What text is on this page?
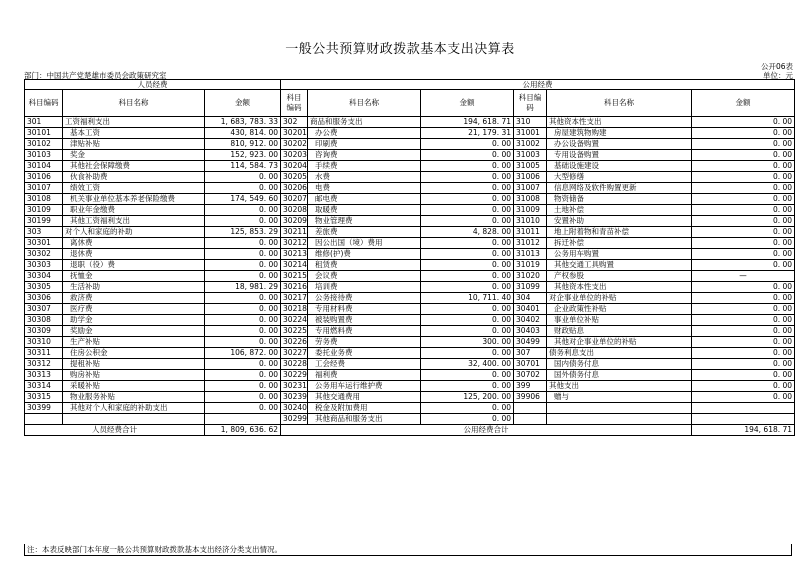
一般公共预算财政拨款基本支出决算表
公开06表
部门：中国共产党楚雄市委员会政策研究室	单位：元
人员经费			公用经费					
科目编码	科目名称	金额	科目编码	科目名称	金额	科目编码	科目名称	金额
301	工资福利支出	1, 683, 783. 33	302	商品和服务支出	194, 618. 71	310	其他资本性支出	0. 00
30101	基本工资	430, 814. 00	30201	办公费	21, 179. 31	31001	房屋建筑物购建	0. 00
30102	津贴补贴	810, 912. 00	30202	印刷费	0. 00	31002	办公设备购置	0. 00
30103	奖金	152, 923. 00	30203	咨询费	0. 00	31003	专用设备购置	0. 00
30104	其他社会保障缴费	114, 584. 73	30204	手续费	0. 00	31005	基础设施建设	0. 00
30106	伙食补助费	0. 00	30205	水费	0. 00	31006	大型修缮	0. 00
30107	绩效工资	0. 00	30206	电费	0. 00	31007	信息网络及软件购置更新	0. 00
30108	机关事业单位基本养老保险缴费	174, 549. 60	30207	邮电费	0. 00	31008	物资储备	0. 00
30109	职业年金缴费	0. 00	30208	取暖费	0. 00	31009	土地补偿	0. 00
30199	其他工资福利支出	0. 00	30209	物业管理费	0. 00	31010	安置补助	0. 00
303	对个人和家庭的补助	125, 853. 29	30211	差旅费	4, 828. 00	31011	地上附着物和青苗补偿	0. 00
30301	离休费	0. 00	30212	因公出国（境）费用	0. 00	31012	拆迁补偿	0. 00
30302	退休费	0. 00	30213	维修(护)费	0. 00	31013	公务用车购置	0. 00
30303	退职（役）费	0. 00	30214	租赁费	0. 00	31019	其他交通工具购置	0. 00
30304	抚恤金	0. 00	30215	会议费	0. 00	31020	产权参股	—
30305	生活补助	18, 981. 29	30216	培训费	0. 00	31099	其他资本性支出	0. 00
30306	救济费	0. 00	30217	公务接待费	10, 711. 40	304	对企事业单位的补贴	0. 00
30307	医疗费	0. 00	30218	专用材料费	0. 00	30401	企业政策性补贴	0. 00
30308	助学金	0. 00	30224	被装购置费	0. 00	30402	事业单位补贴	0. 00
30309	奖励金	0. 00	30225	专用燃料费	0. 00	30403	财政贴息	0. 00
30310	生产补贴	0. 00	30226	劳务费	300. 00	30499	其他对企事业单位的补贴	0. 00
30311	住房公积金	106, 872. 00	30227	委托业务费	0. 00	307	债务利息支出	0. 00
30312	提租补贴	0. 00	30228	工会经费	32, 400. 00	30701	国内债务付息	0. 00
30313	购房补贴	0. 00	30229	福利费	0. 00	30702	国外债务付息	0. 00
30314	采暖补贴	0. 00	30231	公务用车运行维护费	0. 00	399	其他支出	0. 00
30315	物业服务补贴	0. 00	30239	其他交通费用	125, 200. 00	39906	赠与	0. 00
30399	其他对个人和家庭的补助支出	0. 00	30240	税金及附加费用	0. 00			
			30299	其他商品和服务支出	0. 00			
人员经费合计		1, 809, 636. 62	公用经费合计					194, 618. 71
注：本表反映部门本年度一般公共预算财政拨款基本支出经济分类支出情况。
